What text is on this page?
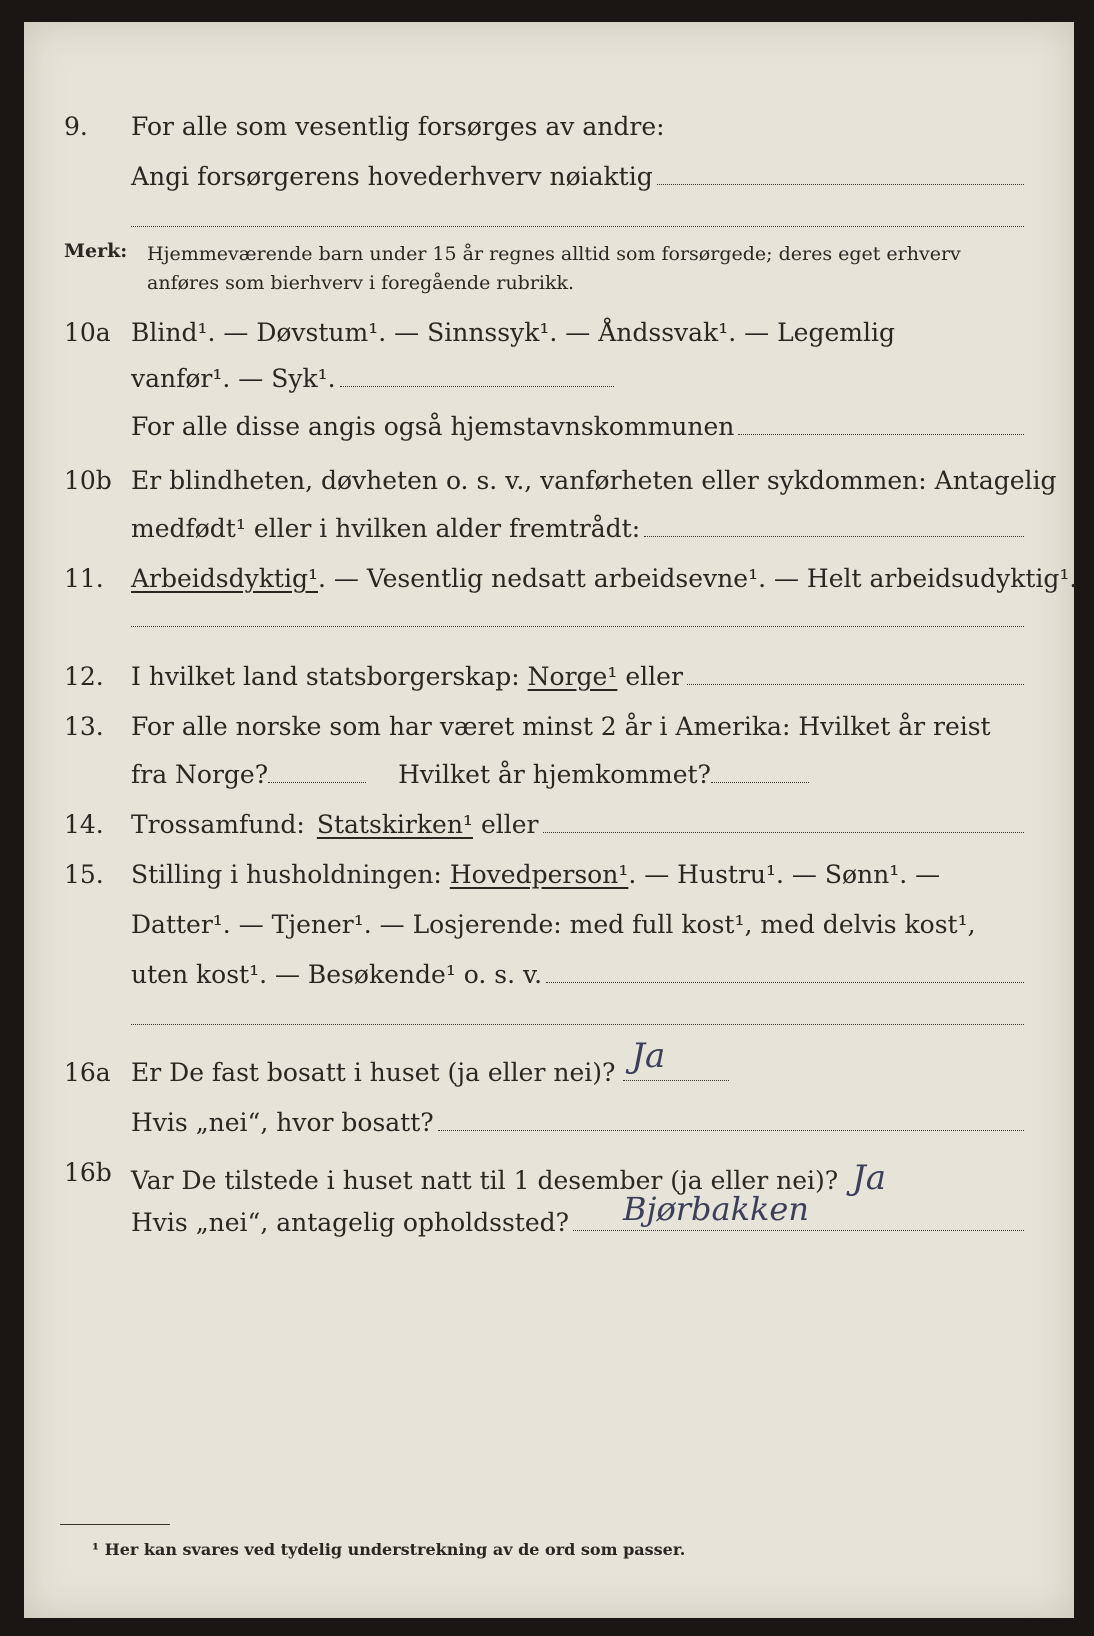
9.	For alle som vesentlig forsørges av andre:
Angi forsørgerens hovederhverv nøiaktig
Merk: Hjemmeværende barn under 15 år regnes alltid som forsørgede; deres eget erhverv
anføres som bierhverv i foregående rubrikk.
10a Blind¹. — Døvstum¹. — Sinnssyk¹. — Åndssvak¹. — Legemlig
vanfør¹. — Syk¹.
For alle disse angis også hjemstavnskommunen
10b Er blindheten, døvheten o. s. v., vanførheten eller sykdommen: Antagelig
medfødt¹ eller i hvilken alder fremtrådt:
11.	Arbeidsdyktig¹. — Vesentlig nedsatt arbeidsevne¹. — Helt arbeidsudyktig¹.
12.	I hvilket land statsborgerskap: Norge¹ eller
13.	For alle norske som har været minst 2 år i Amerika: Hvilket år reist
fra Norge?	Hvilket år hjemkommet?
14.	Trossamfund: Statskirken¹ eller
15.	Stilling i husholdningen: Hovedperson¹. — Hustru¹. — Sønn¹. —
Datter¹. — Tjener¹. — Losjerende: med full kost¹, med delvis kost¹,
uten kost¹. — Besøkende¹ o. s. v.
16a Er De fast bosatt i huset (ja eller nei)? Ja
Hvis „nei“, hvor bosatt?
16b Var De tilstede i huset natt til 1 desember (ja eller nei)? Ja
Hvis „nei“, antagelig opholdssted? Bjørbakken
¹ Her kan svares ved tydelig understrekning av de ord som passer.
